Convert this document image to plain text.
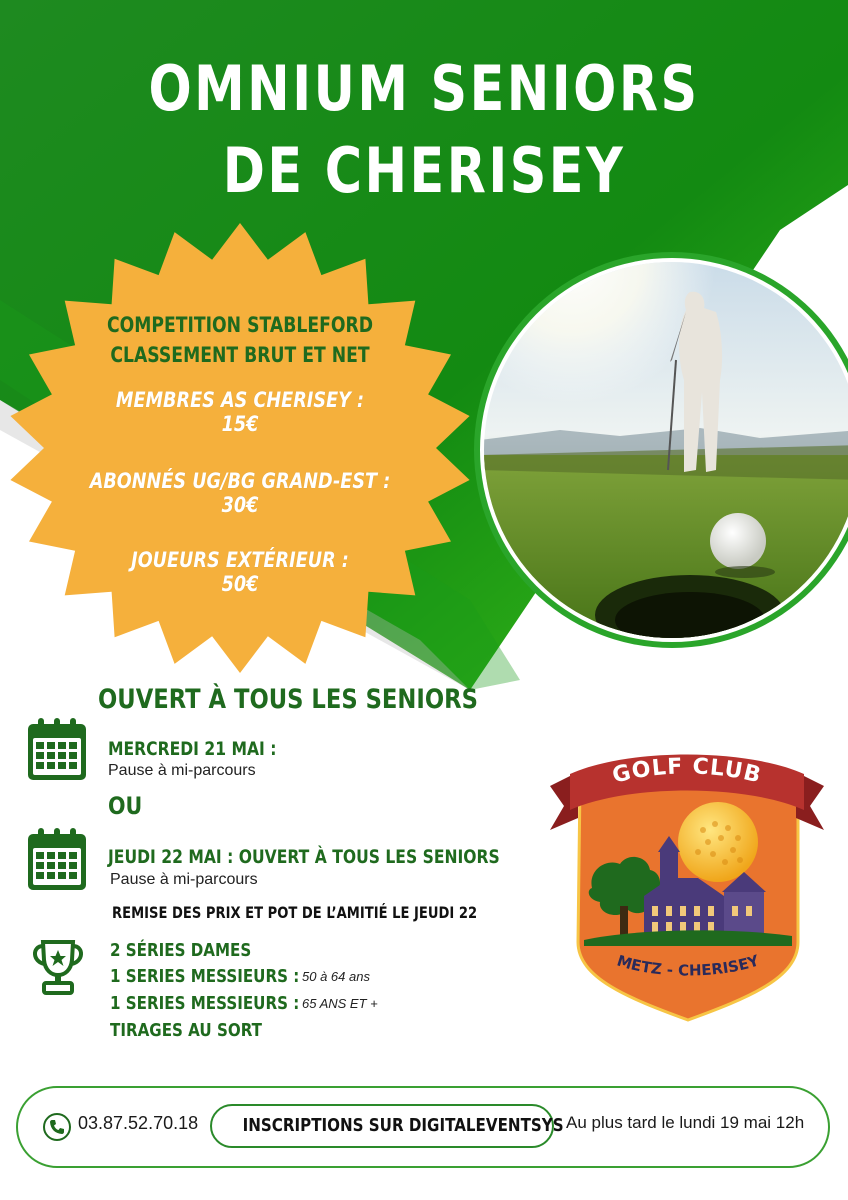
OMNIUM SENIORS
DE CHERISEY
COMPETITION STABLEFORD
CLASSEMENT BRUT ET NET
MEMBRES AS CHERISEY :
15€
ABONNÉS UG/BG GRAND-EST :
30€
JOUEURS EXTÉRIEUR :
50€
OUVERT À TOUS LES SENIORS
MERCREDI 21 MAI :
Pause à mi-parcours
OU
JEUDI 22 MAI : OUVERT À TOUS LES SENIORS
Pause à mi-parcours
REMISE DES PRIX ET POT DE L’AMITIÉ LE JEUDI 22
2 SÉRIES DAMES
1 SERIES MESSIEURS : 50 à 64 ans
1 SERIES MESSIEURS : 65 ANS ET +
TIRAGES AU SORT
GOLF CLUB
METZ - CHERISEY
03.87.52.70.18	INSCRIPTIONS SUR DIGITALEVENTSYS Au plus tard le lundi 19 mai 12h
